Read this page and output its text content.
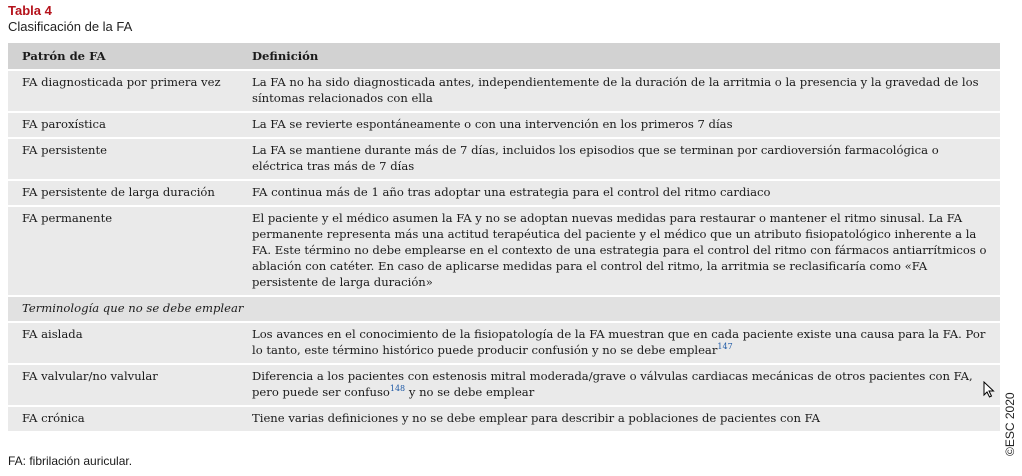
Tabla 4
Clasificación de la FA
Patrón de FA	Definición
FA diagnosticada por primera vez	La FA no ha sido diagnosticada antes, independientemente de la duración de la arritmia o la presencia y la gravedad de los síntomas relacionados con ella
FA paroxística	La FA se revierte espontáneamente o con una intervención en los primeros 7 días
FA persistente	La FA se mantiene durante más de 7 días, incluidos los episodios que se terminan por cardioversión farmacológica o eléctrica tras más de 7 días
FA persistente de larga duración	FA continua más de 1 año tras adoptar una estrategia para el control del ritmo cardiaco
FA permanente	El paciente y el médico asumen la FA y no se adoptan nuevas medidas para restaurar o mantener el ritmo sinusal. La FA permanente representa más una actitud terapéutica del paciente y el médico que un atributo fisiopatológico inherente a la FA. Este término no debe emplearse en el contexto de una estrategia para el control del ritmo con fármacos antiarrítmicos o ablación con catéter. En caso de aplicarse medidas para el control del ritmo, la arritmia se reclasificaría como «FA persistente de larga duración»
Terminología que no se debe emplear	
FA aislada	Los avances en el conocimiento de la fisiopatología de la FA muestran que en cada paciente existe una causa para la FA. Por lo tanto, este término histórico puede producir confusión y no se debe emplear$^{147}$
FA valvular/no valvular	Diferencia a los pacientes con estenosis mitral moderada/grave o válvulas cardiacas mecánicas de otros pacientes con FA, pero puede ser confuso$^{148}$ y no se debe emplear
FA crónica	Tiene varias definiciones y no se debe emplear para describir a poblaciones de pacientes con FA
FA: fibrilación auricular.
©ESC 2020
